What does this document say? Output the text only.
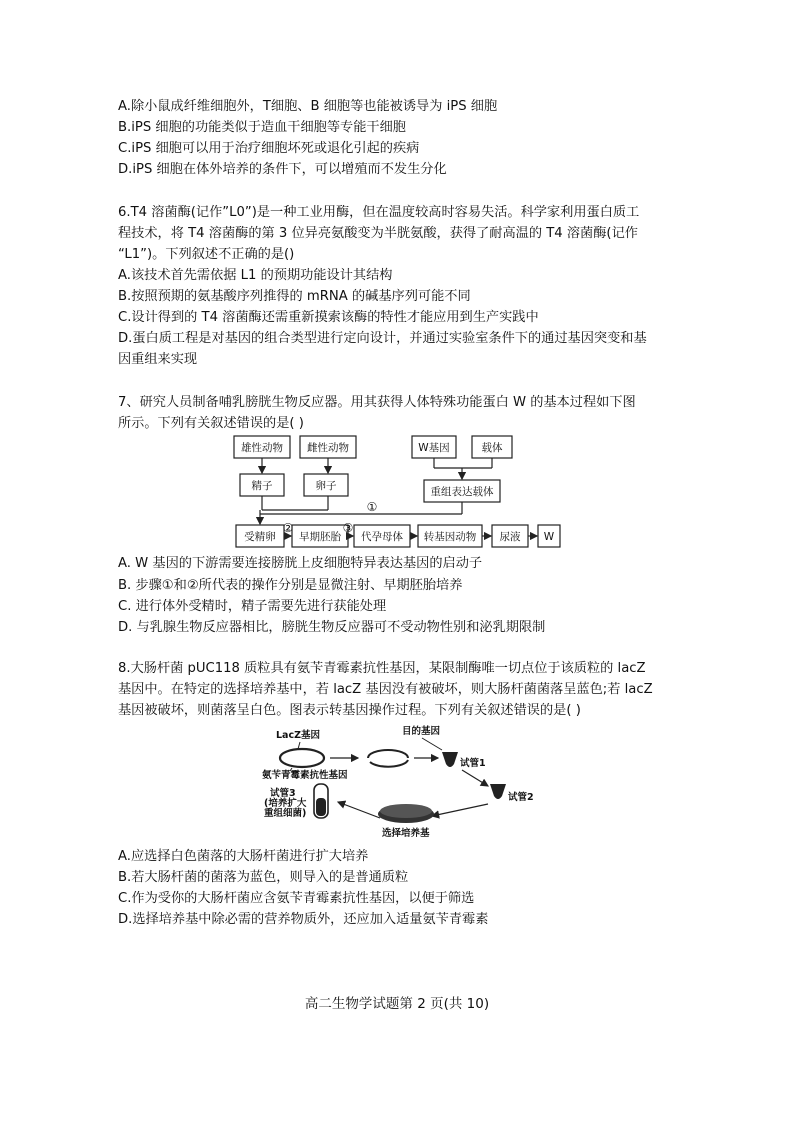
A.除小鼠成纤维细胞外，T细胞、B 细胞等也能被诱导为 iPS 细胞
B.iPS 细胞的功能类似于造血干细胞等专能干细胞
C.iPS 细胞可以用于治疗细胞坏死或退化引起的疾病
D.iPS 细胞在体外培养的条件下，可以增殖而不发生分化
6.T4 溶菌酶(记作”L0”)是一种工业用酶，但在温度较高时容易失活。科学家利用蛋白质工
程技术，将 T4 溶菌酶的第 3 位异亮氨酸变为半胱氨酸，获得了耐高温的 T4 溶菌酶(记作
“L1”)。下列叙述不正确的是()
A.该技术首先需依据 L1 的预期功能设计其结构
B.按照预期的氨基酸序列推得的 mRNA 的碱基序列可能不同
C.设计得到的 T4 溶菌酶还需重新摸索该酶的特性才能应用到生产实践中
D.蛋白质工程是对基因的组合类型进行定向设计，并通过实验室条件下的通过基因突变和基
因重组来实现
7、研究人员制备哺乳膀胱生物反应器。用其获得人体特殊功能蛋白 W 的基本过程如下图
所示。下列有关叙述错误的是( )
雄性动物 雌性动物	W基因	载体
精子	卵子	重组表达载体
受精卵 早期胚胎 代孕母体 转基因动物 尿液 W
①
②	③
A. W 基因的下游需要连接膀胱上皮细胞特异表达基因的启动子
B. 步骤①和②所代表的操作分别是显微注射、早期胚胎培养
C. 进行体外受精时，精子需要先进行获能处理
D. 与乳腺生物反应器相比，膀胱生物反应器可不受动物性别和泌乳期限制
8.大肠杆菌 pUC118 质粒具有氨苄青霉素抗性基因，某限制酶唯一切点位于该质粒的 lacZ
基因中。在特定的选择培养基中，若 lacZ 基因没有被破坏，则大肠杆菌菌落呈蓝色;若 lacZ
基因被破坏，则菌落呈白色。图表示转基因操作过程。下列有关叙述错误的是( )
LacZ基因
氨苄青霉素抗性基因
目的基因
试管1
试管2
试管3
(培养扩大
重组细菌)
选择培养基
A.应选择白色菌落的大肠杆菌进行扩大培养
B.若大肠杆菌的菌落为蓝色，则导入的是普通质粒
C.作为受你的大肠杆菌应含氨苄青霉素抗性基因，以便于筛选
D.选择培养基中除必需的营养物质外，还应加入适量氨苄青霉素
高二生物学试题第 2 页(共 10)
